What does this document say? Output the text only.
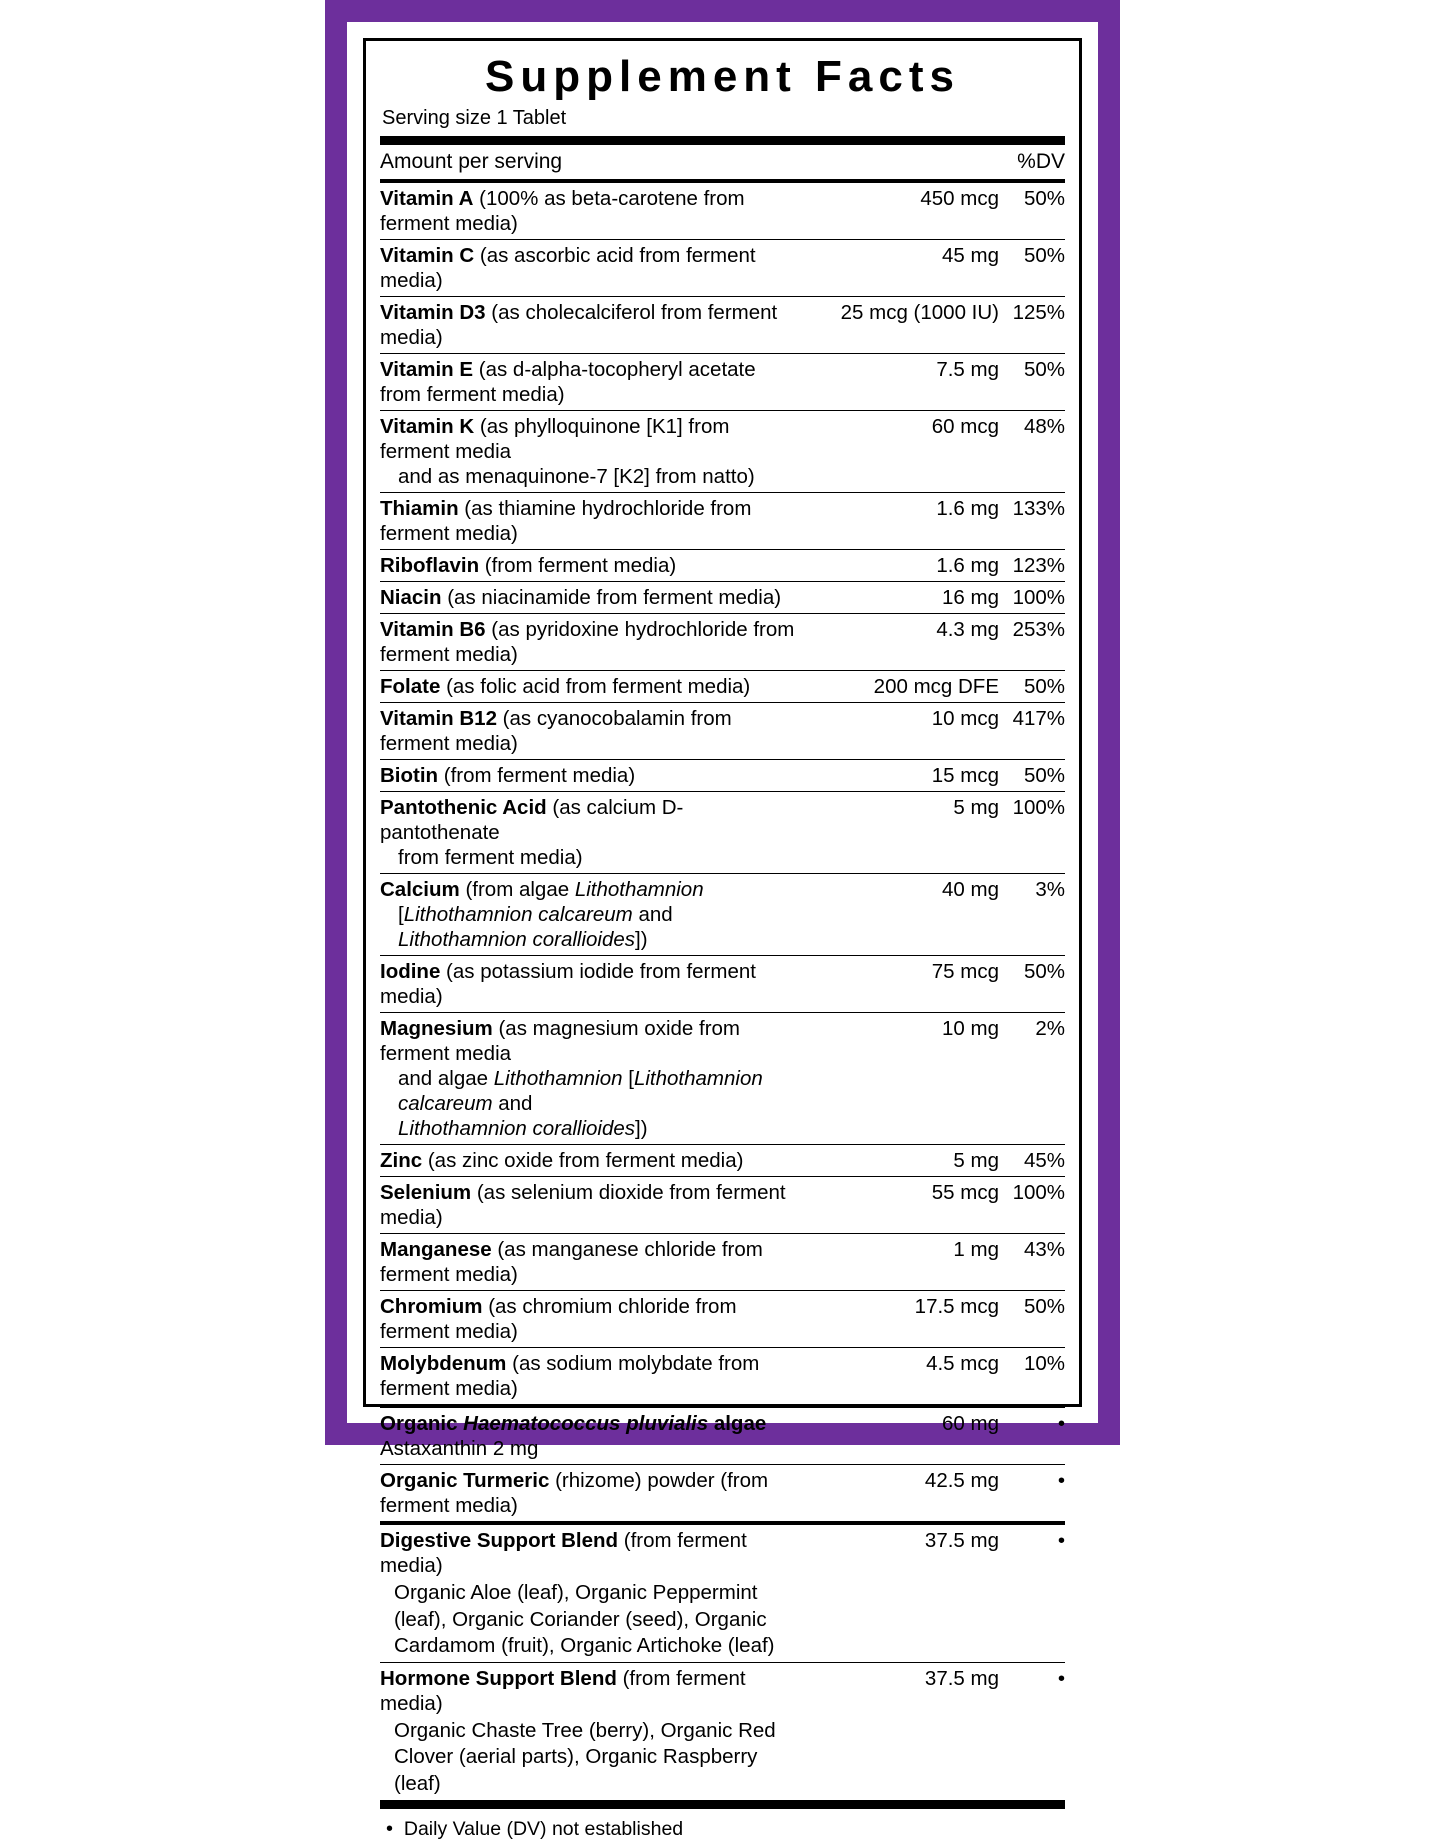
Supplement Facts
Serving size 1 Tablet
Amount per serving		%DV
Vitamin A (100% as beta-carotene from ferment media)	450 mcg	50%
Vitamin C (as ascorbic acid from ferment media)	45 mg	50%
Vitamin D3 (as cholecalciferol from ferment media)	25 mcg (1000 IU)	125%
Vitamin E (as d-alpha-tocopheryl acetate from ferment media)	7.5 mg	50%
Vitamin K (as phylloquinone [K1] from ferment media
and as menaquinone-7 [K2] from natto)	60 mcg	48%
Thiamin (as thiamine hydrochloride from ferment media)	1.6 mg	133%
Riboflavin (from ferment media)	1.6 mg	123%
Niacin (as niacinamide from ferment media)	16 mg	100%
Vitamin B6 (as pyridoxine hydrochloride from ferment media)	4.3 mg	253%
Folate (as folic acid from ferment media)	200 mcg DFE	50%
Vitamin B12 (as cyanocobalamin from ferment media)	10 mcg	417%
Biotin (from ferment media)	15 mcg	50%
Pantothenic Acid (as calcium D-pantothenate
from ferment media)	5 mg	100%
Calcium (from algae Lithothamnion
[Lithothamnion calcareum and Lithothamnion corallioides])	40 mg	3%
Iodine (as potassium iodide from ferment media)	75 mcg	50%
Magnesium (as magnesium oxide from ferment media
and algae Lithothamnion [Lithothamnion calcareum and
Lithothamnion corallioides])	10 mg	2%
Zinc (as zinc oxide from ferment media)	5 mg	45%
Selenium (as selenium dioxide from ferment media)	55 mcg	100%
Manganese (as manganese chloride from ferment media)	1 mg	43%
Chromium (as chromium chloride from ferment media)	17.5 mcg	50%
Molybdenum (as sodium molybdate from ferment media)	4.5 mcg	10%
Organic Haematococcus pluvialis algae Astaxanthin 2 mg	60 mg	•
Organic Turmeric (rhizome) powder (from ferment media)	42.5 mg	•
Digestive Support Blend (from ferment media)
Organic Aloe (leaf), Organic Peppermint (leaf), Organic Coriander (seed), Organic Cardamom (fruit), Organic Artichoke (leaf)	37.5 mg	•
Hormone Support Blend (from ferment media)
Organic Chaste Tree (berry), Organic Red Clover (aerial parts), Organic Raspberry (leaf)	37.5 mg	•
• Daily Value (DV) not established
